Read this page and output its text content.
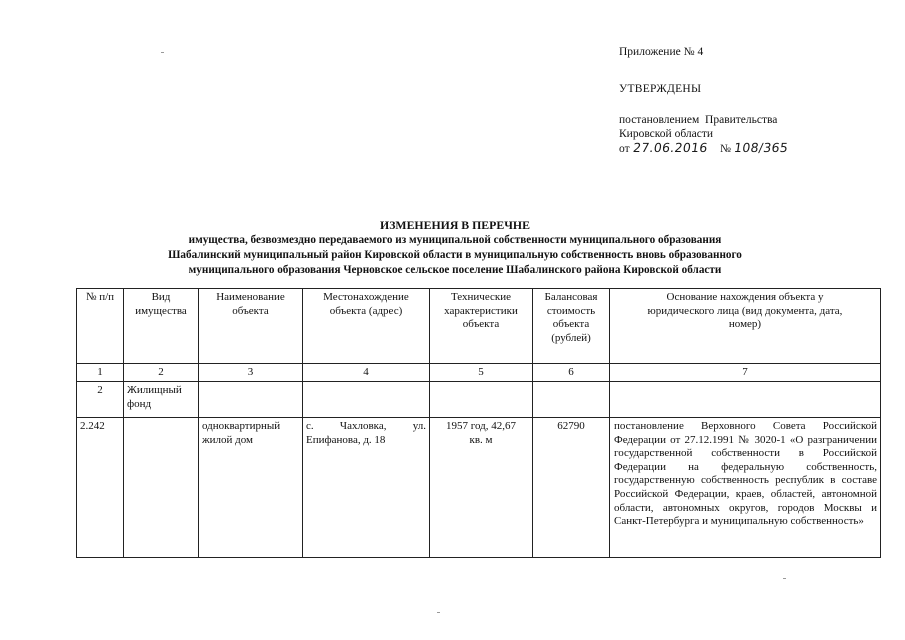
Приложение № 4
УТВЕРЖДЕНЫ
постановлением  Правительства
Кировской области
от 27.06.2016 № 108/365
ИЗМЕНЕНИЯ В ПЕРЕЧНЕ
имущества, безвозмездно передаваемого из муниципальной собственности муниципального образования
Шабалинский муниципальный район Кировской области в муниципальную собственность вновь образованного
муниципального образования Черновское сельское поселение Шабалинского района Кировской области
№ п/п	Вид имущества	Наименование объекта	Местонахождение объекта (адрес)	Технические характеристики объекта	Балансовая стоимость объекта (рублей)	Основание нахождения объекта у юридического лица (вид документа, дата, номер)
1	2	3	4	5	6	7
2	Жилищный фонд					
2.242		одноквартирный жилой дом	с. Чахловка, ул. Епифанова, д. 18	1957 год, 42,67 кв. м	62790	постановление Верховного Совета Российской Федерации от 27.12.1991 № 3020-1 «О разграничении государственной собственности в Российской Федерации на федеральную собственность, государственную собственность республик в составе Российской Федерации, краев, областей, автономной области, автономных округов, городов Москвы и Санкт-Петербурга и муниципальную собственность»
